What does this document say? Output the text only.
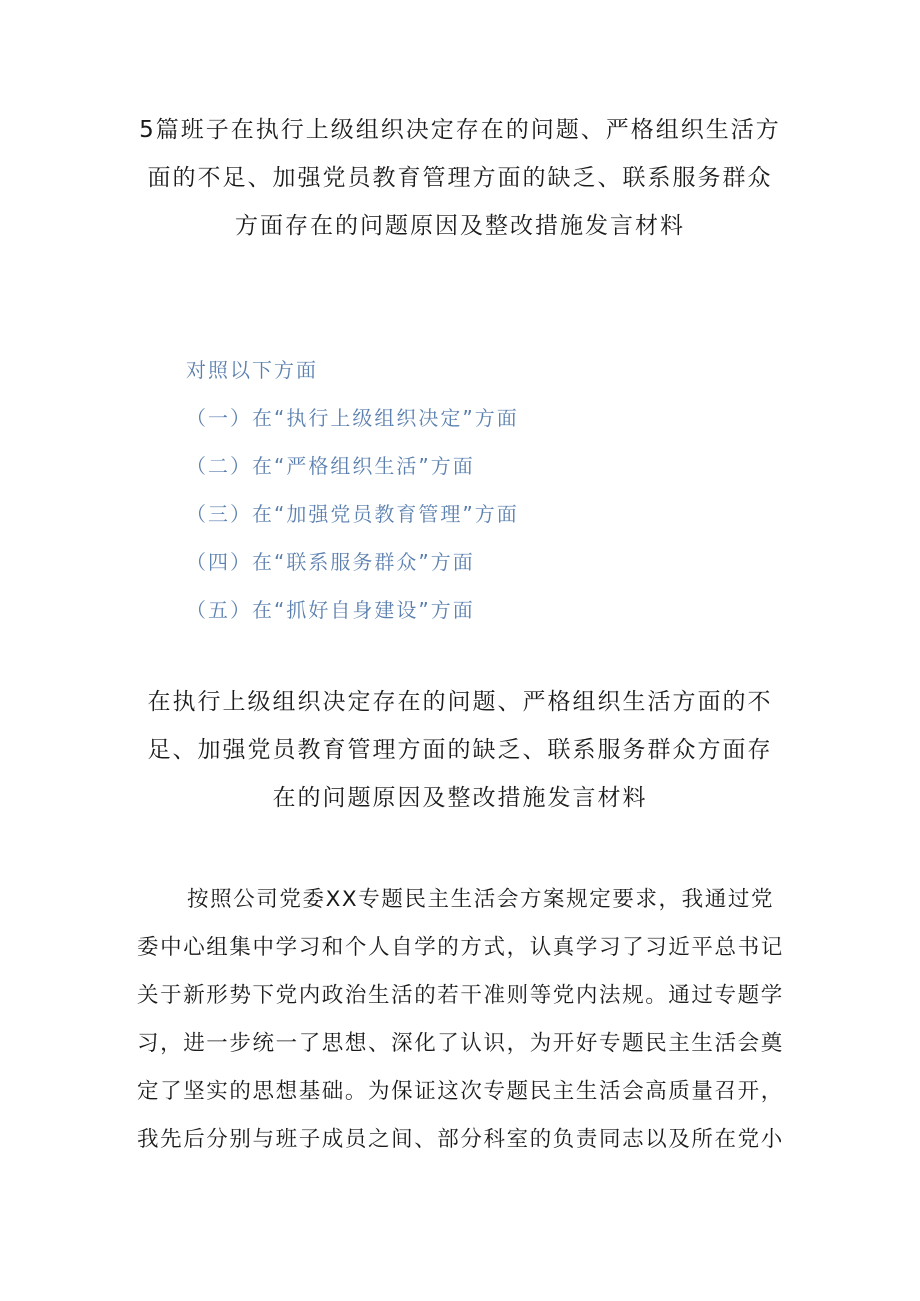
5篇班子在执行上级组织决定存在的问题、严格组织生活方
面的不足、加强党员教育管理方面的缺乏、联系服务群众
方面存在的问题原因及整改措施发言材料
对照以下方面
（一）在“执行上级组织决定”方面
（二）在“严格组织生活”方面
（三）在“加强党员教育管理”方面
（四）在“联系服务群众”方面
（五）在“抓好自身建设”方面
在执行上级组织决定存在的问题、严格组织生活方面的不
足、加强党员教育管理方面的缺乏、联系服务群众方面存
在的问题原因及整改措施发言材料
按照公司党委XX专题民主生活会方案规定要求，我通过党
委中心组集中学习和个人自学的方式，认真学习了习近平总书记
关于新形势下党内政治生活的若干准则等党内法规。通过专题学
习，进一步统一了思想、深化了认识，为开好专题民主生活会奠
定了坚实的思想基础。为保证这次专题民主生活会高质量召开，
我先后分别与班子成员之间、部分科室的负责同志以及所在党小
